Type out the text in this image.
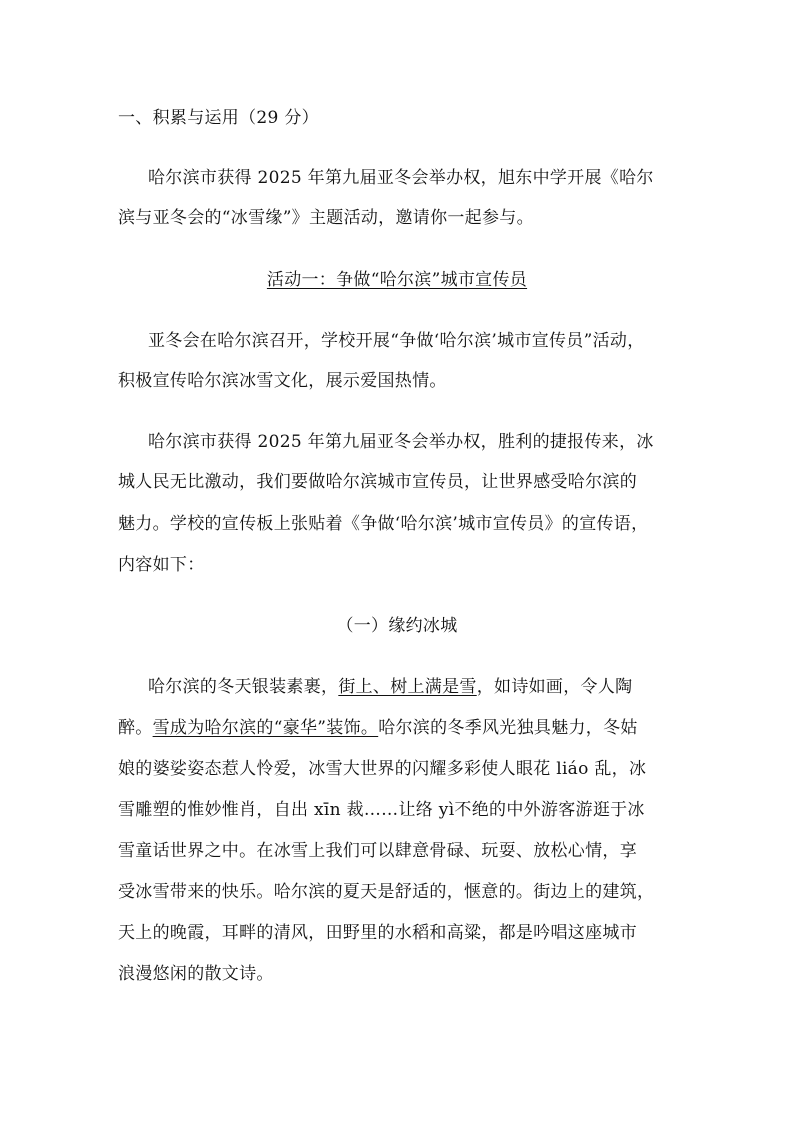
一、积累与运用（29 分）
哈尔滨市获得 2025 年第九届亚冬会举办权，旭东中学开展《哈尔
滨与亚冬会的“冰雪缘”》主题活动，邀请你一起参与。
活动一：争做“哈尔滨”城市宣传员
亚冬会在哈尔滨召开，学校开展“争做‘哈尔滨’城市宣传员”活动，
积极宣传哈尔滨冰雪文化，展示爱国热情。
哈尔滨市获得 2025 年第九届亚冬会举办权，胜利的捷报传来，冰
城人民无比激动，我们要做哈尔滨城市宣传员，让世界感受哈尔滨的
魅力。学校的宣传板上张贴着《争做‘哈尔滨’城市宣传员》的宣传语，
内容如下：
（一）缘约冰城
哈尔滨的冬天银装素裹，街上、树上满是雪，如诗如画，令人陶
醉。雪成为哈尔滨的“豪华”装饰。哈尔滨的冬季风光独具魅力，冬姑
娘的婆娑姿态惹人怜爱，冰雪大世界的闪耀多彩使人眼花 liáo 乱，冰
雪雕塑的惟妙惟肖，自出 xīn 裁……让络 yì不绝的中外游客游逛于冰
雪童话世界之中。在冰雪上我们可以肆意骨碌、玩耍、放松心情，享
受冰雪带来的快乐。哈尔滨的夏天是舒适的，惬意的。街边上的建筑，
天上的晚霞，耳畔的清风，田野里的水稻和高粱，都是吟唱这座城市
浪漫悠闲的散文诗。
